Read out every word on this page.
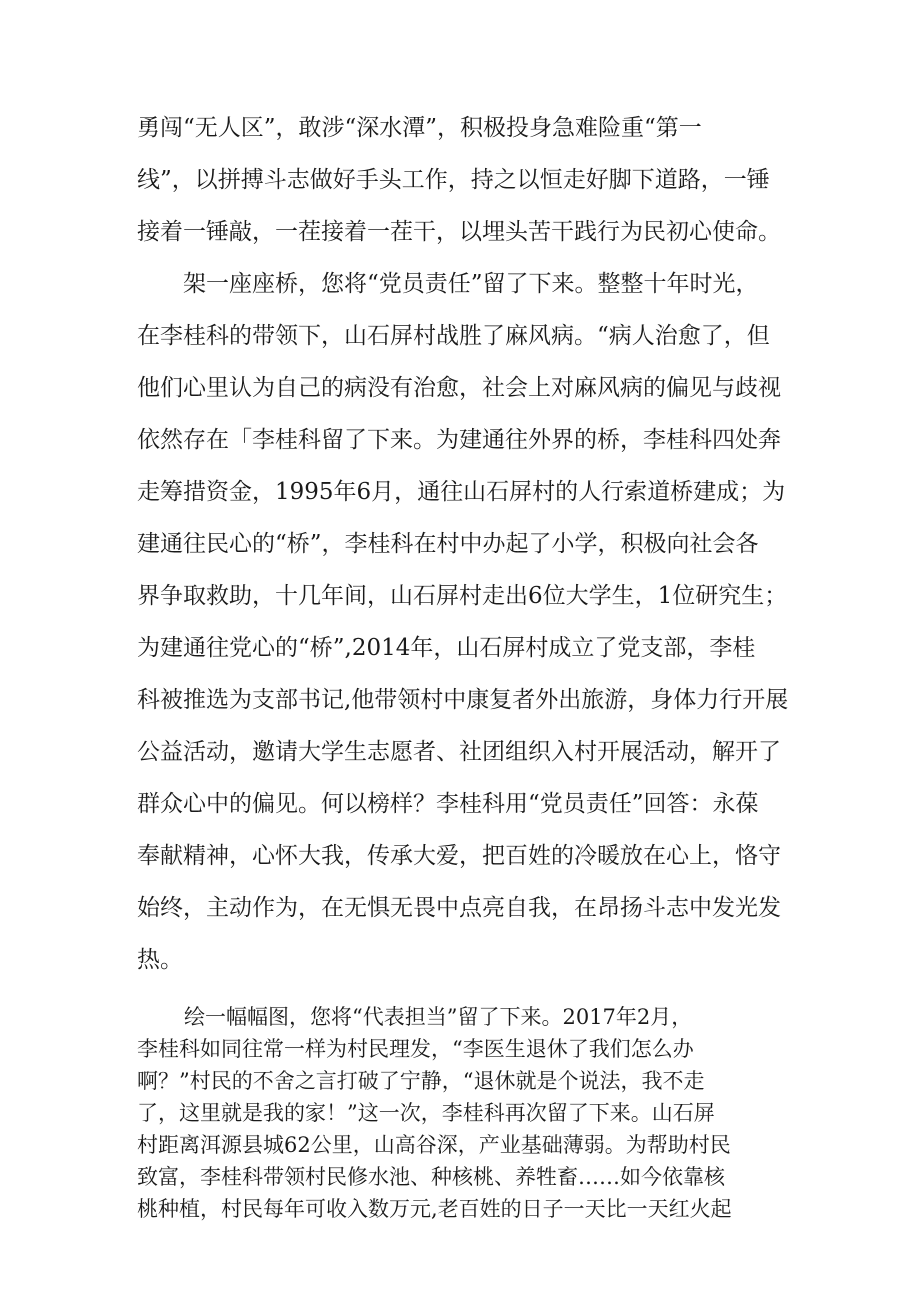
勇闯“无人区”，敢涉“深水潭”，积极投身急难险重“第一

线”，以拼搏斗志做好手头工作，持之以恒走好脚下道路，一锤

接着一锤敲，一茬接着一茬干，以埋头苦干践行为民初心使命。

架一座座桥，您将“党员责任”留了下来。整整十年时光，

在李桂科的带领下，山石屏村战胜了麻风病。“病人治愈了，但

他们心里认为自己的病没有治愈，社会上对麻风病的偏见与歧视

依然存在「李桂科留了下来。为建通往外界的桥，李桂科四处奔

走筹措资金，1995年6月，通往山石屏村的人行索道桥建成；为

建通往民心的“桥”，李桂科在村中办起了小学，积极向社会各

界争取救助，十几年间，山石屏村走出6位大学生，1位研究生；

为建通往党心的“桥”,2014年，山石屏村成立了党支部，李桂

科被推选为支部书记,他带领村中康复者外出旅游，身体力行开展

公益活动，邀请大学生志愿者、社团组织入村开展活动，解开了

群众心中的偏见。何以榜样？李桂科用“党员责任”回答：永葆

奉献精神，心怀大我，传承大爱，把百姓的冷暖放在心上，恪守

始终，主动作为，在无惧无畏中点亮自我，在昂扬斗志中发光发

热。

绘一幅幅图，您将“代表担当”留了下来。2017年2月，

李桂科如同往常一样为村民理发，“李医生退休了我们怎么办

啊？”村民的不舍之言打破了宁静，“退休就是个说法，我不走

了，这里就是我的家！”这一次，李桂科再次留了下来。山石屏

村距离洱源县城62公里，山高谷深，产业基础薄弱。为帮助村民

致富，李桂科带领村民修水池、种核桃、养牲畜……如今依靠核

桃种植，村民每年可收入数万元,老百姓的日子一天比一天红火起
